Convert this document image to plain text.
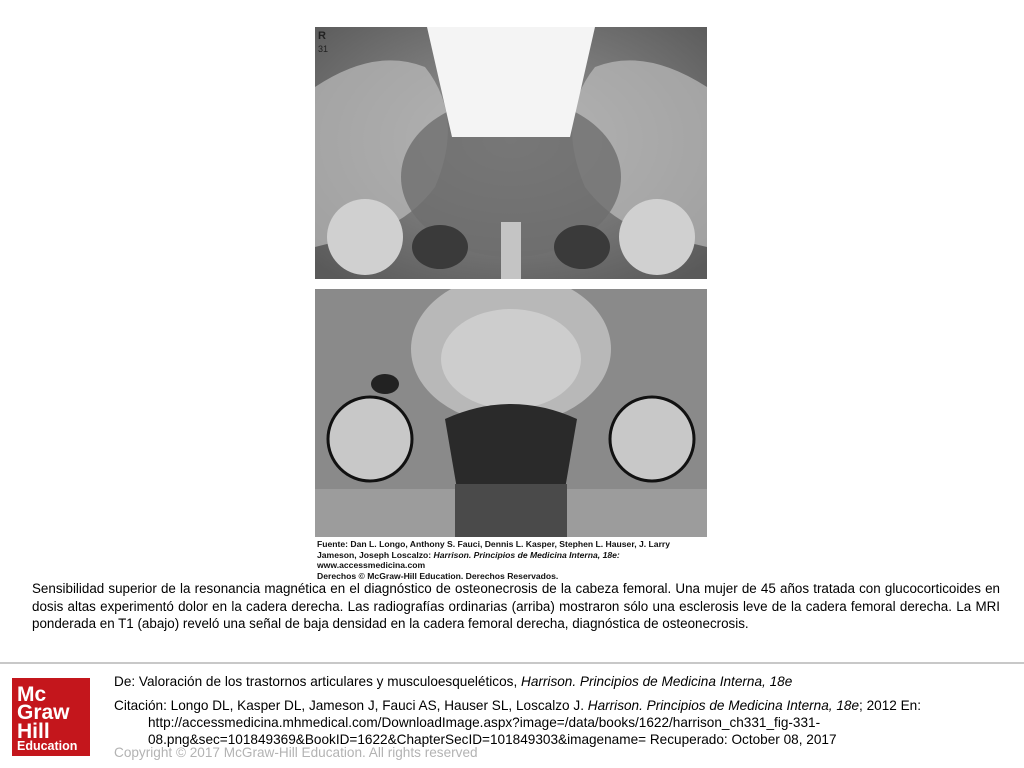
R
31
Fuente: Dan L. Longo, Anthony S. Fauci, Dennis L. Kasper, Stephen L. Hauser, J. Larry
Jameson, Joseph Loscalzo: Harrison. Principios de Medicina Interna, 18e:
www.accessmedicina.com
Derechos © McGraw-Hill Education. Derechos Reservados.
Sensibilidad superior de la resonancia magnética en el diagnóstico de osteonecrosis de la cabeza femoral. Una mujer de 45 años tratada con glucocorticoides en dosis altas experimentó dolor en la cadera derecha. Las radiografías ordinarias (arriba) mostraron sólo una esclerosis leve de la cadera femoral derecha. La MRI ponderada en T1 (abajo) reveló una señal de baja densidad en la cadera femoral derecha, diagnóstica de osteonecrosis.
Mc
Graw
Hill
Education

De: Valoración de los trastornos articulares y musculoesqueléticos, Harrison. Principios de Medicina Interna, 18e

Citación: Longo DL, Kasper DL, Jameson J, Fauci AS, Hauser SL, Loscalzo J. Harrison. Principios de Medicina Interna, 18e; 2012 En:

http://accessmedicina.mhmedical.com/DownloadImage.aspx?image=/data/books/1622/harrison_ch331_fig-331-

08.png&sec=101849369&BookID=1622&ChapterSecID=101849303&imagename= Recuperado: October 08, 2017

Copyright © 2017 McGraw-Hill Education. All rights reserved
